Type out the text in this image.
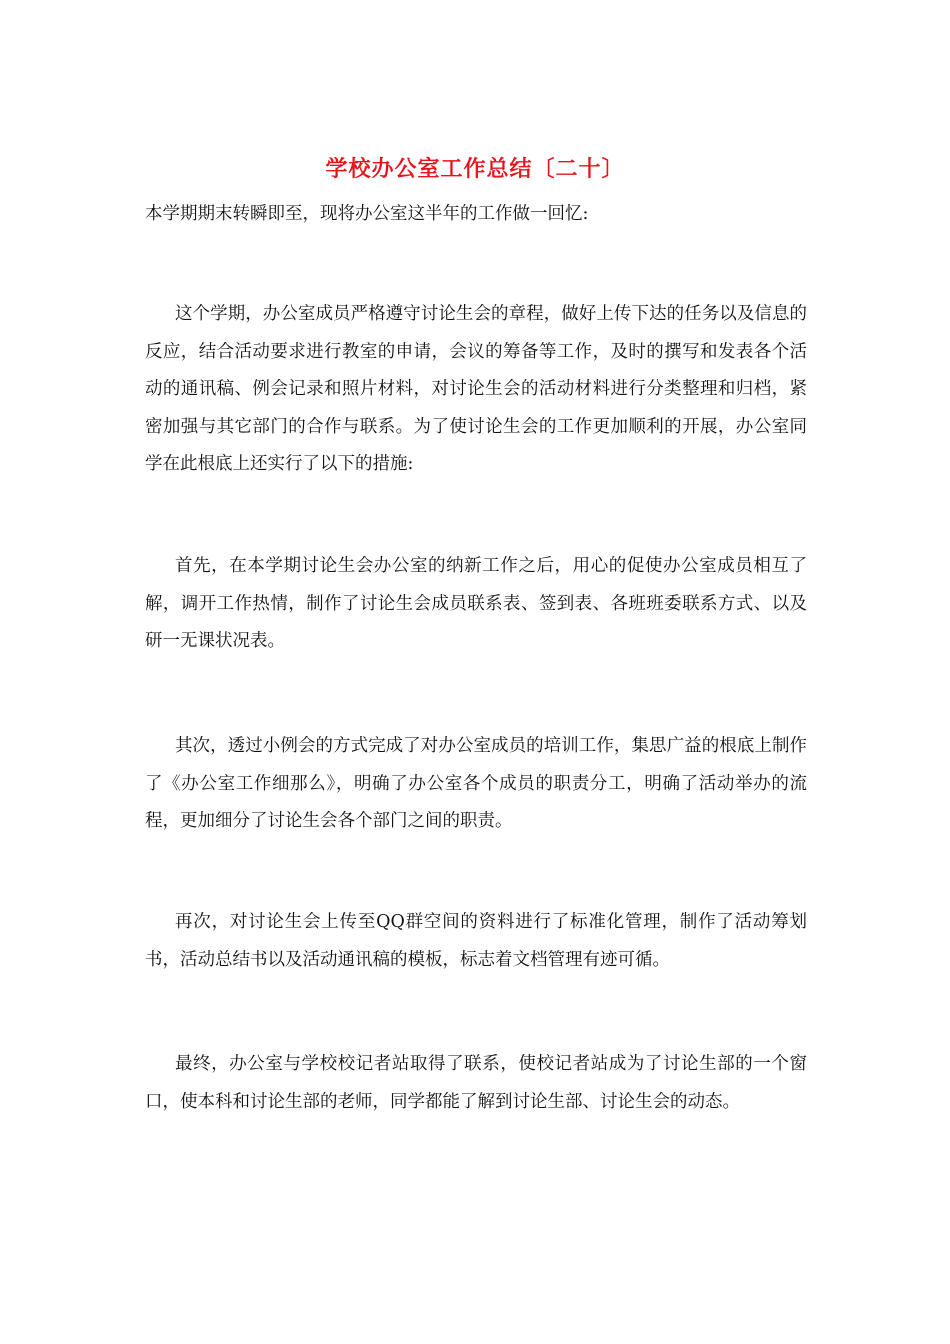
学校办公室工作总结〔二十〕

本学期期末转瞬即至，现将办公室这半年的工作做一回忆:

这个学期，办公室成员严格遵守讨论生会的章程，做好上传下达的任务以及信息的反应，结合活动要求进行教室的申请，会议的筹备等工作，及时的撰写和发表各个活动的通讯稿、例会记录和照片材料，对讨论生会的活动材料进行分类整理和归档，紧密加强与其它部门的合作与联系。为了使讨论生会的工作更加顺利的开展，办公室同学在此根底上还实行了以下的措施:

首先，在本学期讨论生会办公室的纳新工作之后，用心的促使办公室成员相互了解，调开工作热情，制作了讨论生会成员联系表、签到表、各班班委联系方式、以及研一无课状况表。

其次，透过小例会的方式完成了对办公室成员的培训工作，集思广益的根底上制作了《办公室工作细那么》，明确了办公室各个成员的职责分工，明确了活动举办的流程，更加细分了讨论生会各个部门之间的职责。

再次，对讨论生会上传至QQ群空间的资料进行了标准化管理，制作了活动筹划书，活动总结书以及活动通讯稿的模板，标志着文档管理有迹可循。

最终，办公室与学校校记者站取得了联系，使校记者站成为了讨论生部的一个窗口，使本科和讨论生部的老师，同学都能了解到讨论生部、讨论生会的动态。
